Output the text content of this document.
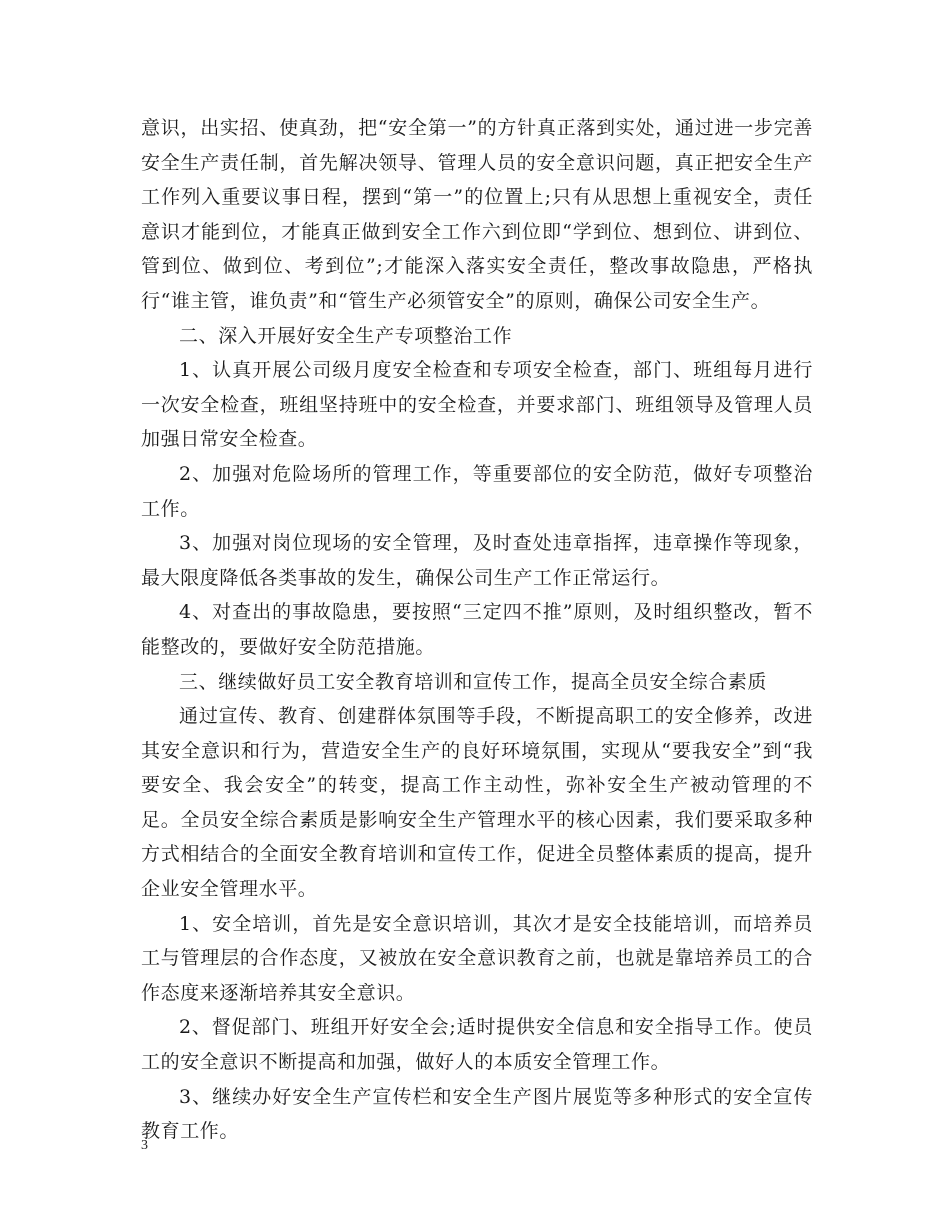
意识，出实招、使真劲，把“安全第一”的方针真正落到实处，通过进一步完善安全生产责任制，首先解决领导、管理人员的安全意识问题，真正把安全生产工作列入重要议事日程，摆到“第一”的位置上;只有从思想上重视安全，责任意识才能到位，才能真正做到安全工作六到位即“学到位、想到位、讲到位、管到位、做到位、考到位”;才能深入落实安全责任，整改事故隐患，严格执行“谁主管，谁负责”和“管生产必须管安全”的原则，确保公司安全生产。

二、深入开展好安全生产专项整治工作

1、认真开展公司级月度安全检查和专项安全检查，部门、班组每月进行一次安全检查，班组坚持班中的安全检查，并要求部门、班组领导及管理人员加强日常安全检查。

2、加强对危险场所的管理工作，等重要部位的安全防范，做好专项整治工作。

3、加强对岗位现场的安全管理，及时查处违章指挥，违章操作等现象，最大限度降低各类事故的发生，确保公司生产工作正常运行。

4、对查出的事故隐患，要按照“三定四不推”原则，及时组织整改，暂不能整改的，要做好安全防范措施。

三、继续做好员工安全教育培训和宣传工作，提高全员安全综合素质

通过宣传、教育、创建群体氛围等手段，不断提高职工的安全修养，改进其安全意识和行为，营造安全生产的良好环境氛围，实现从“要我安全”到“我要安全、我会安全”的转变，提高工作主动性，弥补安全生产被动管理的不足。全员安全综合素质是影响安全生产管理水平的核心因素，我们要采取多种方式相结合的全面安全教育培训和宣传工作，促进全员整体素质的提高，提升企业安全管理水平。

1、安全培训，首先是安全意识培训，其次才是安全技能培训，而培养员工与管理层的合作态度，又被放在安全意识教育之前，也就是靠培养员工的合作态度来逐渐培养其安全意识。

2、督促部门、班组开好安全会;适时提供安全信息和安全指导工作。使员工的安全意识不断提高和加强，做好人的本质安全管理工作。

3、继续办好安全生产宣传栏和安全生产图片展览等多种形式的安全宣传教育工作。

3
